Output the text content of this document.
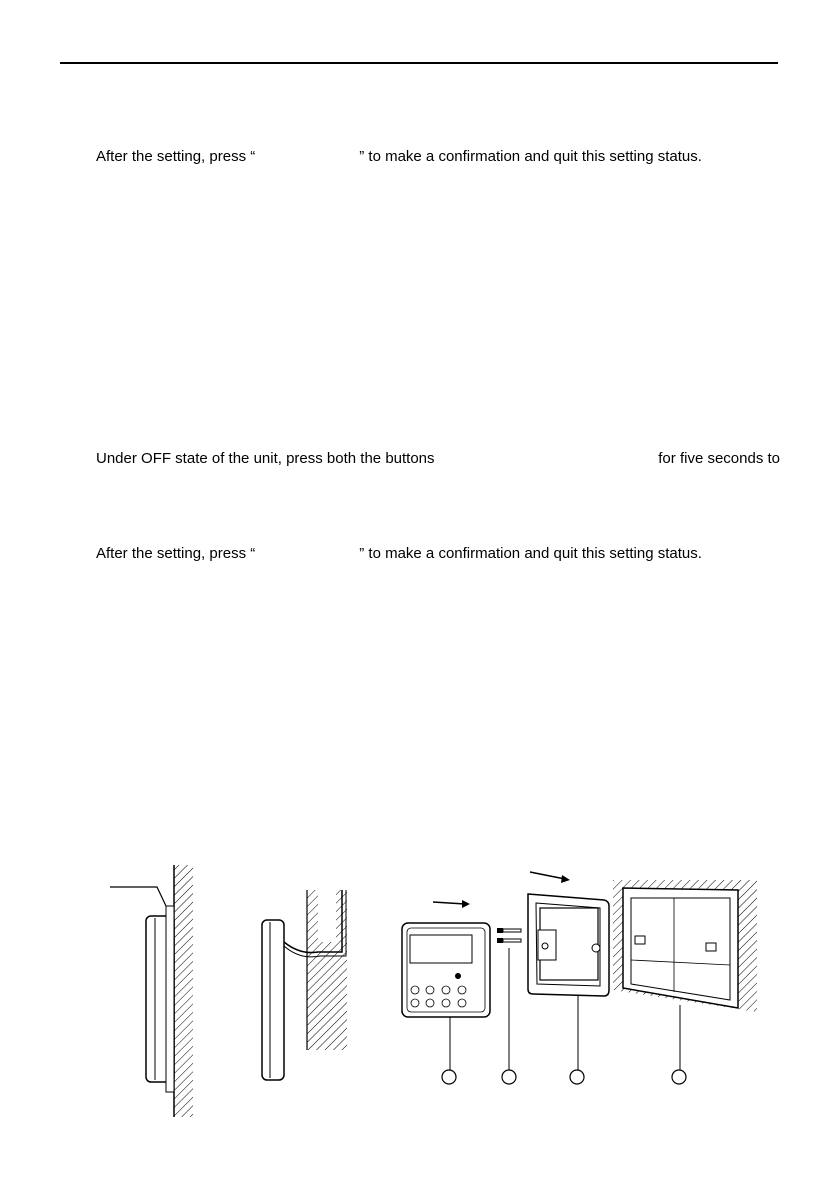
After the setting, press “	” to make a confirmation and quit this setting status.
Under OFF state of the unit, press both the buttons	for five seconds to
After the setting, press “	” to make a confirmation and quit this setting status.
